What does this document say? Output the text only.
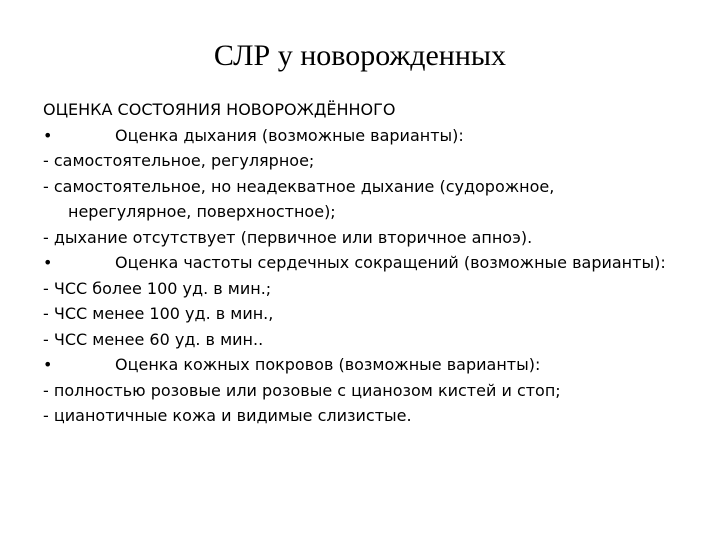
СЛР у новорожденных
ОЦЕНКА СОСТОЯНИЯ НОВОРОЖДЁННОГО
•	Оценка дыхания (возможные варианты):
- самостоятельное, регулярное;
- самостоятельное, но неадекватное дыхание (судорожное,
нерегулярное, поверхностное);
- дыхание отсутствует (первичное или вторичное апноэ).
•	Оценка частоты сердечных сокращений (возможные варианты):
- ЧСС более 100 уд. в мин.;
- ЧСС менее 100 уд. в мин.,
- ЧСС менее 60 уд. в мин..
•	Оценка кожных покровов (возможные варианты):
- полностью розовые или розовые с цианозом кистей и стоп;
- цианотичные кожа и видимые слизистые.
